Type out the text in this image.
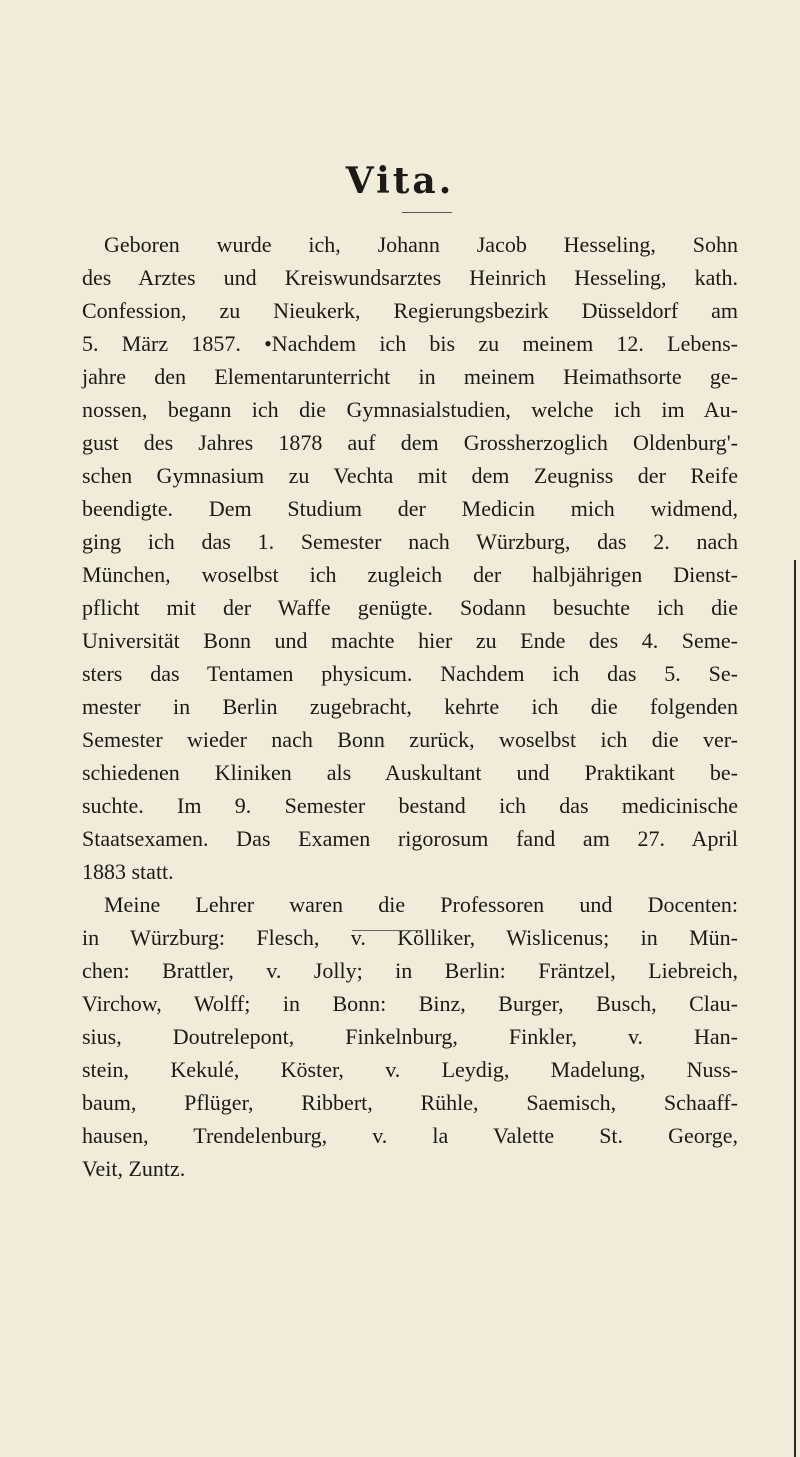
Vita.
Geboren wurde ich, Johann Jacob Hesseling, Sohn
des Arztes und Kreiswundsarztes Heinrich Hesseling, kath.
Confession, zu Nieukerk, Regierungsbezirk Düsseldorf am
5. März 1857. •Nachdem ich bis zu meinem 12. Lebens-
jahre den Elementarunterricht in meinem Heimathsorte ge-
nossen, begann ich die Gymnasialstudien, welche ich im Au-
gust des Jahres 1878 auf dem Grossherzoglich Oldenburg'-
schen Gymnasium zu Vechta mit dem Zeugniss der Reife
beendigte. Dem Studium der Medicin mich widmend,
ging ich das 1. Semester nach Würzburg, das 2. nach
München, woselbst ich zugleich der halbjährigen Dienst-
pflicht mit der Waffe genügte. Sodann besuchte ich die
Universität Bonn und machte hier zu Ende des 4. Seme-
sters das Tentamen physicum. Nachdem ich das 5. Se-
mester in Berlin zugebracht, kehrte ich die folgenden
Semester wieder nach Bonn zurück, woselbst ich die ver-
schiedenen Kliniken als Auskultant und Praktikant be-
suchte. Im 9. Semester bestand ich das medicinische
Staatsexamen. Das Examen rigorosum fand am 27. April
1883 statt.
Meine Lehrer waren die Professoren und Docenten:
in Würzburg: Flesch, v. Kölliker, Wislicenus; in Mün-
chen: Brattler, v. Jolly; in Berlin: Fräntzel, Liebreich,
Virchow, Wolff; in Bonn: Binz, Burger, Busch, Clau-
sius, Doutrelepont, Finkelnburg, Finkler, v. Han-
stein, Kekulé, Köster, v. Leydig, Madelung, Nuss-
baum, Pflüger, Ribbert, Rühle, Saemisch, Schaaff-
hausen, Trendelenburg, v. la Valette St. George,
Veit, Zuntz.
